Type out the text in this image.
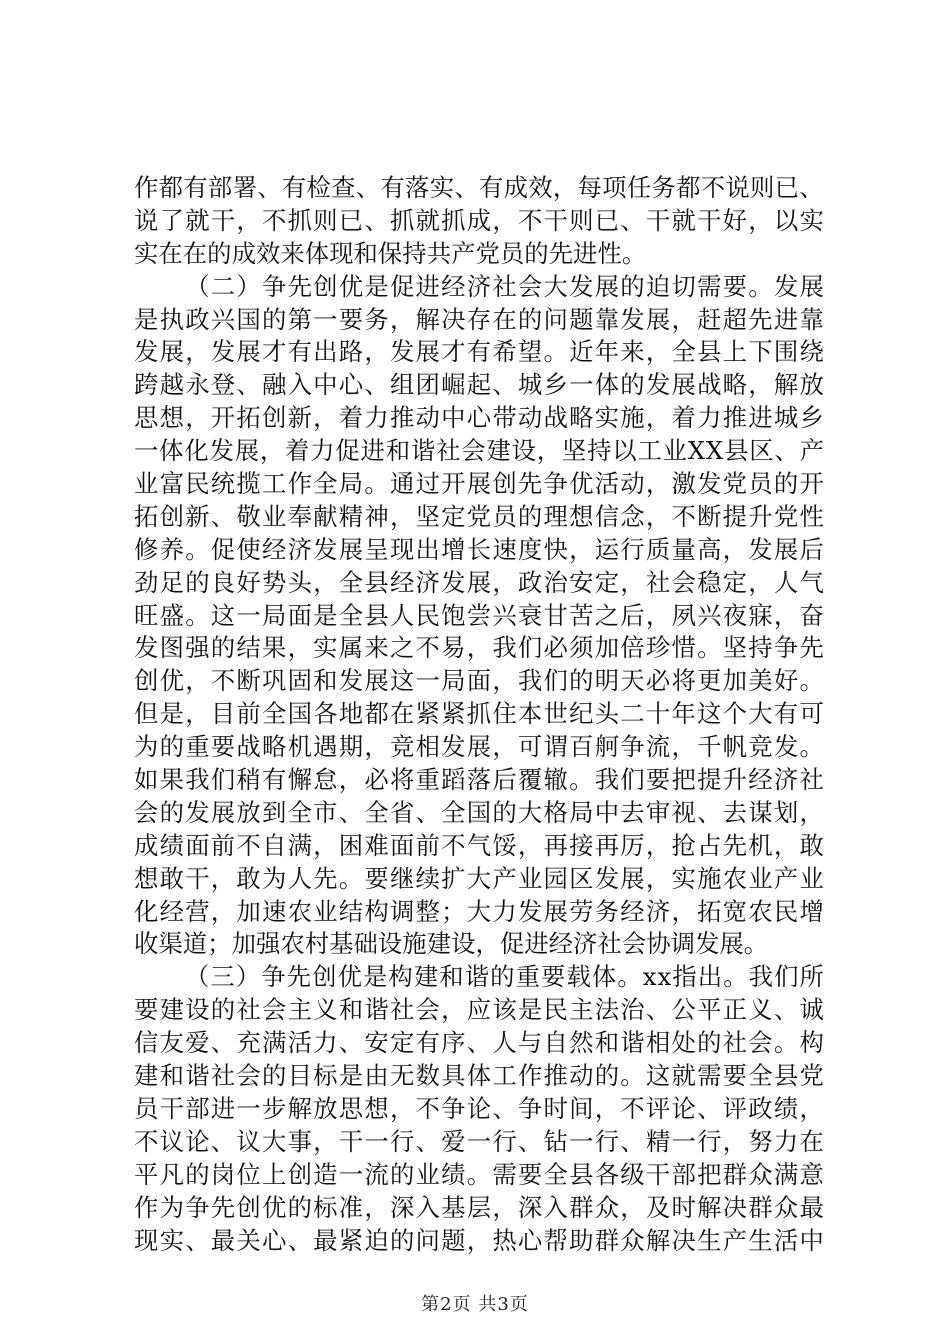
作 都 有 部 署 、 有 检 查 、 有 落 实 、 有 成 效 ， 每 项 任 务 都 不 说 则 已 、
说 了 就 干 ， 不 抓 则 已 、 抓 就 抓 成 ， 不 干 则 已 、 干 就 干 好 ， 以 实
实在在的成效来体现和保持共产党员的先进性。

（ 二 ） 争 先 创 优 是 促 进 经 济 社 会 大 发 展 的 迫 切 需 要 。 发 展
是 执 政 兴 国 的 第 一 要 务 ， 解 决 存 在 的 问 题 靠 发 展 ， 赶 超 先 进 靠
发 展 ， 发 展 才 有 出 路 ， 发 展 才 有 希 望 。 近 年 来 ， 全 县 上 下 围 绕
跨 越 永 登 、 融 入 中 心 、 组 团 崛 起 、 城 乡 一 体 的 发 展 战 略 ， 解 放
思 想 ， 开 拓 创 新 ， 着 力 推 动 中 心 带 动 战 略 实 施 ， 着 力 推 进 城 乡
一 体 化 发 展 ， 着 力 促 进 和 谐 社 会 建 设 ， 坚 持 以 工 业 X X 县 区 、 产
业 富 民 统 揽 工 作 全 局 。 通 过 开 展 创 先 争 优 活 动 ， 激 发 党 员 的 开
拓 创 新 、 敬 业 奉 献 精 神 ， 坚 定 党 员 的 理 想 信 念 ， 不 断 提 升 党 性
修 养 。 促 使 经 济 发 展 呈 现 出 增 长 速 度 快 ， 运 行 质 量 高 ， 发 展 后
劲 足 的 良 好 势 头 ， 全 县 经 济 发 展 ， 政 治 安 定 ， 社 会 稳 定 ， 人 气
旺 盛 。 这 一 局 面 是 全 县 人 民 饱 尝 兴 衰 甘 苦 之 后 ， 夙 兴 夜 寐 ， 奋
发 图 强 的 结 果 ， 实 属 来 之 不 易 ， 我 们 必 须 加 倍 珍 惜 。 坚 持 争 先
创 优 ， 不 断 巩 固 和 发 展 这 一 局 面 ， 我 们 的 明 天 必 将 更 加 美 好 。
但 是 ， 目 前 全 国 各 地 都 在 紧 紧 抓 住 本 世 纪 头 二 十 年 这 个 大 有 可
为 的 重 要 战 略 机 遇 期 ， 竞 相 发 展 ， 可 谓 百 舸 争 流 ， 千 帆 竞 发 。
如 果 我 们 稍 有 懈 怠 ， 必 将 重 蹈 落 后 覆 辙 。 我 们 要 把 提 升 经 济 社
会 的 发 展 放 到 全 市 、 全 省 、 全 国 的 大 格 局 中 去 审 视 、 去 谋 划 ，
成 绩 面 前 不 自 满 ， 困 难 面 前 不 气 馁 ， 再 接 再 厉 ， 抢 占 先 机 ， 敢
想 敢 干 ， 敢 为 人 先 。 要 继 续 扩 大 产 业 园 区 发 展 ， 实 施 农 业 产 业
化 经 营 ， 加 速 农 业 结 构 调 整 ； 大 力 发 展 劳 务 经 济 ， 拓 宽 农 民 增
收渠道；加强农村基础设施建设，促进经济社会协调发展。

（ 三 ） 争 先 创 优 是 构 建 和 谐 的 重 要 载 体 。 x x 指 出 。 我 们 所
要 建 设 的 社 会 主 义 和 谐 社 会 ， 应 该 是 民 主 法 治 、 公 平 正 义 、 诚
信 友 爱 、 充 满 活 力 、 安 定 有 序 、 人 与 自 然 和 谐 相 处 的 社 会 。 构
建 和 谐 社 会 的 目 标 是 由 无 数 具 体 工 作 推 动 的 。 这 就 需 要 全 县 党
员 干 部 进 一 步 解 放 思 想 ， 不 争 论 、 争 时 间 ， 不 评 论 、 评 政 绩 ，
不 议 论 、 议 大 事 ， 干 一 行 、 爱 一 行 、 钻 一 行 、 精 一 行 ， 努 力 在
平 凡 的 岗 位 上 创 造 一 流 的 业 绩 。 需 要 全 县 各 级 干 部 把 群 众 满 意
作 为 争 先 创 优 的 标 准 ， 深 入 基 层 ， 深 入 群 众 ， 及 时 解 决 群 众 最
现 实 、 最 关 心 、 最 紧 迫 的 问 题 ， 热 心 帮 助 群 众 解 决 生 产 生 活 中
第2页 共3页
